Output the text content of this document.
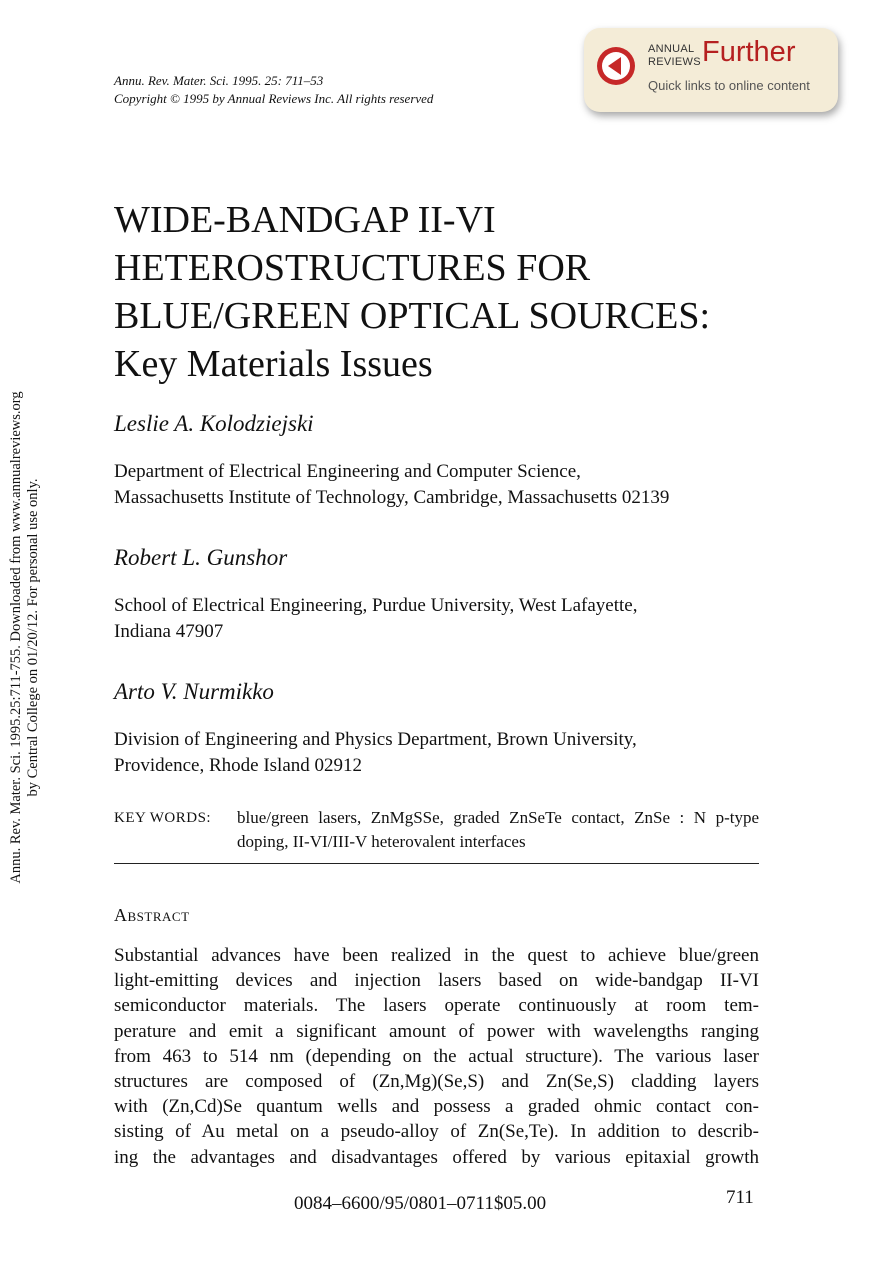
Annu. Rev. Mater. Sci. 1995. 25: 711–53
Copyright © 1995 by Annual Reviews Inc. All rights reserved
ANNUAL
REVIEWS Further
Quick links to online content
Annu. Rev. Mater. Sci. 1995.25:711-755. Downloaded from www.annualreviews.org by Central College on 01/20/12. For personal use only.
WIDE-BANDGAP II-VI
HETEROSTRUCTURES FOR
BLUE/GREEN OPTICAL SOURCES:
Key Materials Issues
Leslie A. Kolodziejski
Department of Electrical Engineering and Computer Science,
Massachusetts Institute of Technology, Cambridge, Massachusetts 02139
Robert L. Gunshor
School of Electrical Engineering, Purdue University, West Lafayette,
Indiana 47907
Arto V. Nurmikko
Division of Engineering and Physics Department, Brown University,
Providence, Rhode Island 02912
KEY WORDS: blue/green lasers, ZnMgSSe, graded ZnSeTe contact, ZnSe : N p-type doping, II-VI/III-V heterovalent interfaces
Abstract
Substantial advances have been realized in the quest to achieve blue/green
light-emitting devices and injection lasers based on wide-bandgap II-VI
semiconductor materials. The lasers operate continuously at room tem-
perature and emit a significant amount of power with wavelengths ranging
from 463 to 514 nm (depending on the actual structure). The various laser
structures are composed of (Zn,Mg)(Se,S) and Zn(Se,S) cladding layers
with (Zn,Cd)Se quantum wells and possess a graded ohmic contact con-
sisting of Au metal on a pseudo-alloy of Zn(Se,Te). In addition to describ-
ing the advantages and disadvantages offered by various epitaxial growth
0084–6600/95/0801–0711$05.00	711
